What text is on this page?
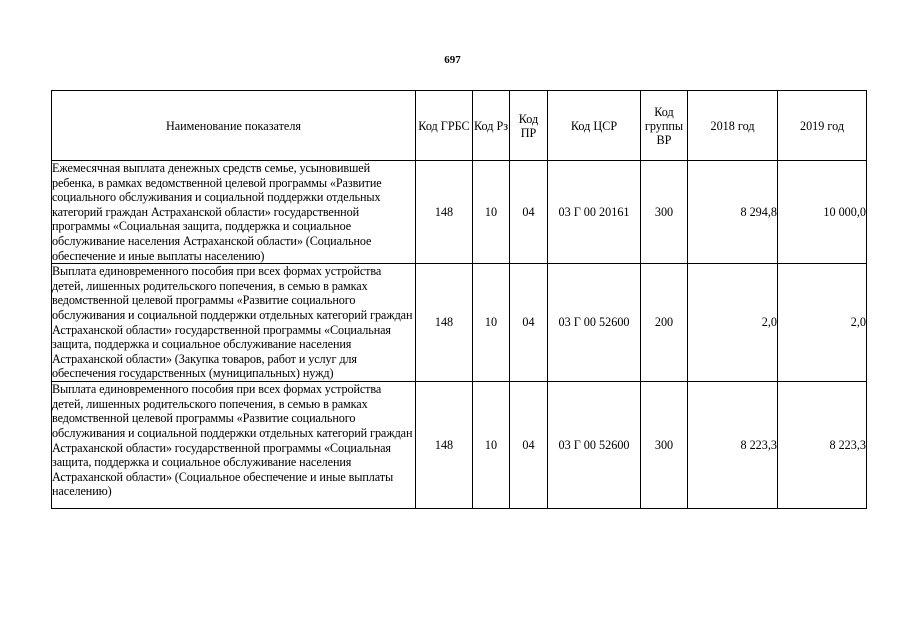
697
Наименование показателя	Код ГРБС	Код Рз	Код ПР	Код ЦСР	Код группы ВР	2018 год	2019 год
Ежемесячная выплата денежных средств семье, усыновившей ребенка, в рамках ведомственной целевой программы «Развитие социального обслуживания и социальной поддержки отдельных категорий граждан Астраханской области» государственной программы «Социальная защита, поддержка и социальное обслуживание населения Астраханской области» (Социальное обеспечение и иные выплаты населению)	148	10	04	03 Г 00 20161	300	8 294,8	10 000,0
Выплата единовременного пособия при всех формах устройства детей, лишенных родительского попечения, в семью в рамках ведомственной целевой программы «Развитие социального обслуживания и социальной поддержки отдельных категорий граждан Астраханской области» государственной программы «Социальная защита, поддержка и социальное обслуживание населения Астраханской области» (Закупка товаров, работ и услуг для обеспечения государственных (муниципальных) нужд)	148	10	04	03 Г 00 52600	200	2,0	2,0
Выплата единовременного пособия при всех формах устройства детей, лишенных родительского попечения, в семью в рамках ведомственной целевой программы «Развитие социального обслуживания и социальной поддержки отдельных категорий граждан Астраханской области» государственной программы «Социальная защита, поддержка и социальное обслуживание населения Астраханской области» (Социальное обеспечение и иные выплаты населению)	148	10	04	03 Г 00 52600	300	8 223,3	8 223,3
